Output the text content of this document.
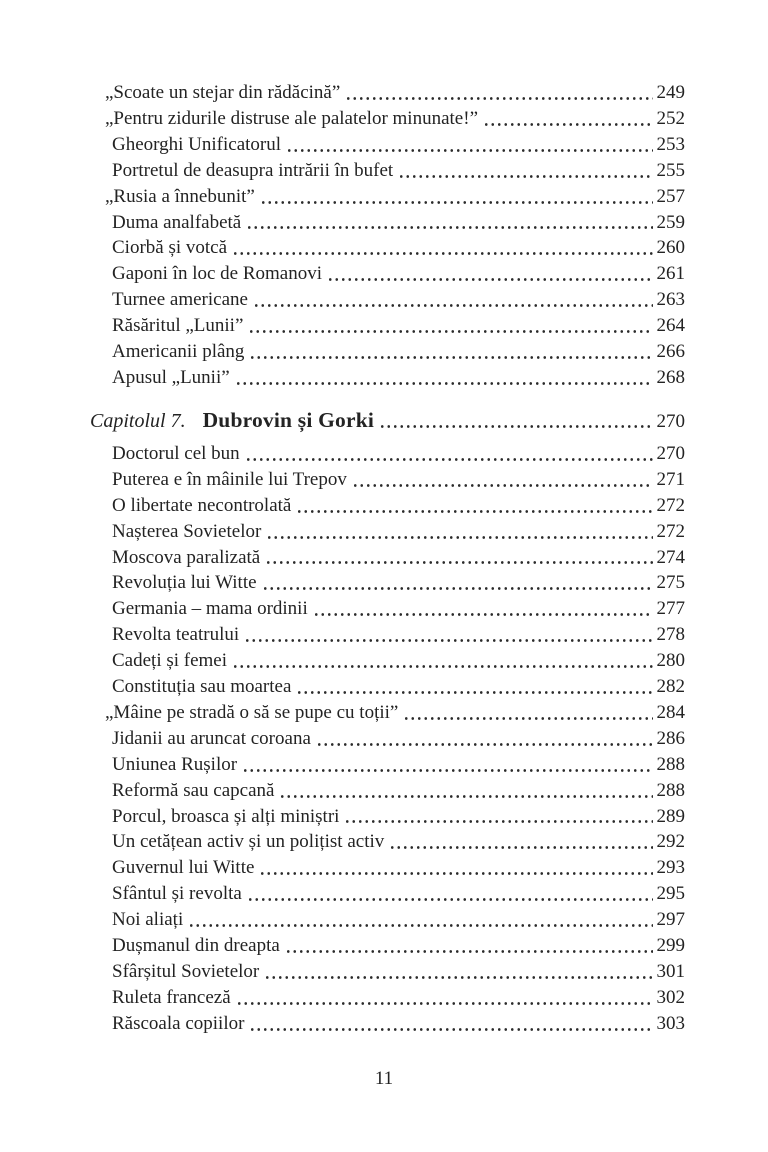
„Scoate un stejar din rădăcină”	249
„Pentru zidurile distruse ale palatelor minunate!”	252
Gheorghi Unificatorul	253
Portretul de deasupra intrării în bufet	255
„Rusia a înnebunit”	257
Duma analfabetă	259
Ciorbă și votcă	260
Gaponi în loc de Romanovi	261
Turnee americane	263
Răsăritul „Lunii”	264
Americanii plâng	266
Apusul „Lunii”	268
Capitolul 7. Dubrovin și Gorki	270
Doctorul cel bun	270
Puterea e în mâinile lui Trepov	271
O libertate necontrolată	272
Nașterea Sovietelor	272
Moscova paralizată	274
Revoluția lui Witte	275
Germania – mama ordinii	277
Revolta teatrului	278
Cadeți și femei	280
Constituția sau moartea	282
„Mâine pe stradă o să se pupe cu toții”	284
Jidanii au aruncat coroana	286
Uniunea Rușilor	288
Reformă sau capcană	288
Porcul, broasca și alți miniștri	289
Un cetățean activ și un polițist activ	292
Guvernul lui Witte	293
Sfântul și revolta	295
Noi aliați	297
Dușmanul din dreapta	299
Sfârșitul Sovietelor	301
Ruleta franceză	302
Răscoala copiilor	303
11
